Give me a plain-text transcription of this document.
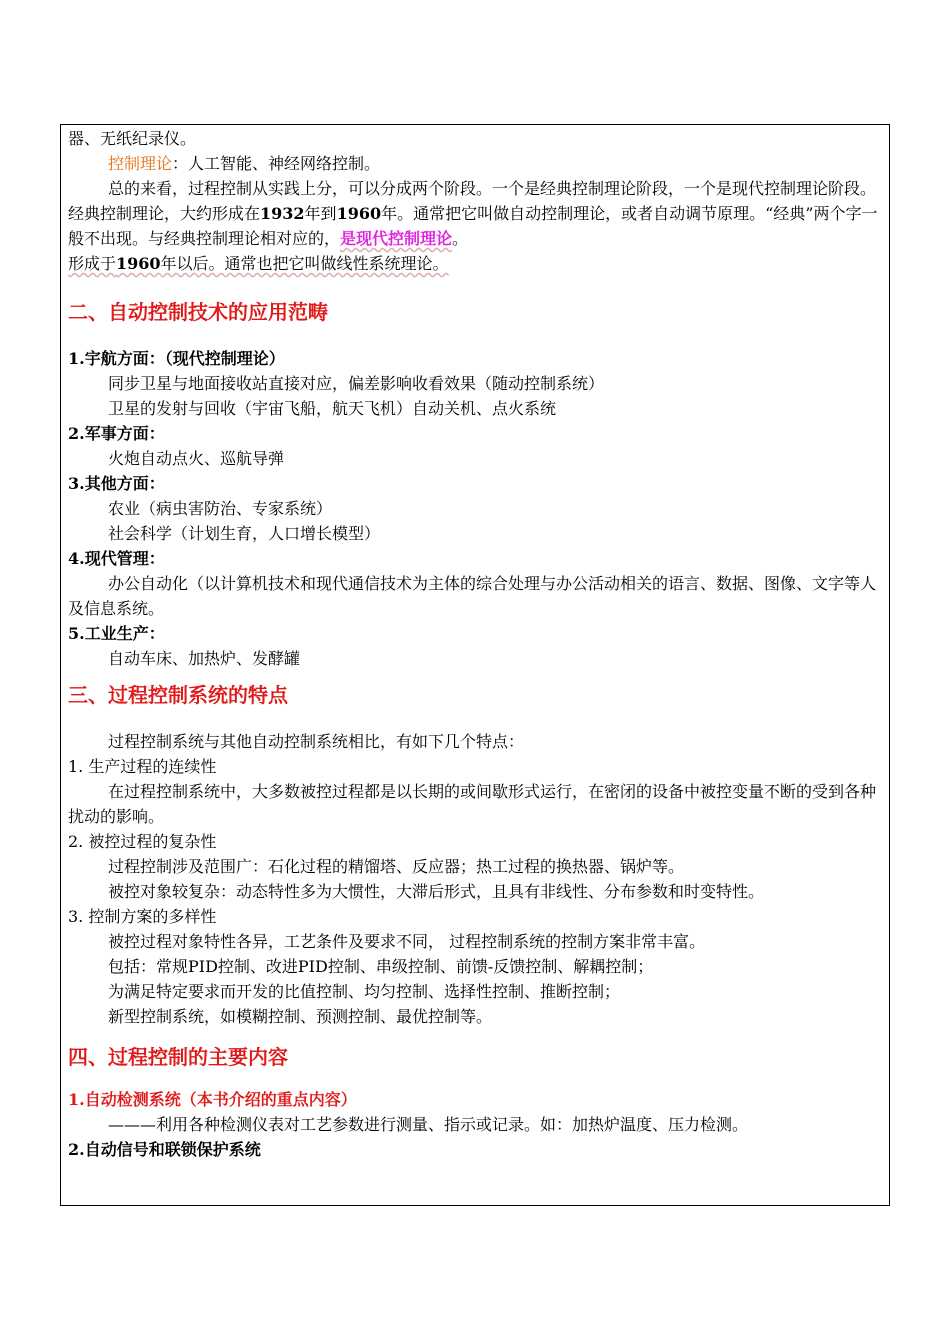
器、无纸纪录仪。

控制理论：人工智能、神经网络控制。

总的来看，过程控制从实践上分，可以分成两个阶段。一个是经典控制理论阶段，一个是现代控制理论阶段。经典控制理论，大约形成在1932年到1960年。通常把它叫做自动控制理论，或者自动调节原理。“经典”两个字一般不出现。与经典控制理论相对应的，是现代控制理论。

形成于1960年以后。通常也把它叫做线性系统理论。

二、自动控制技术的应用范畴

1.宇航方面：（现代控制理论）

同步卫星与地面接收站直接对应，偏差影响收看效果（随动控制系统）

卫星的发射与回收（宇宙飞船，航天飞机）自动关机、点火系统

2.军事方面：

火炮自动点火、巡航导弹

3.其他方面：

农业（病虫害防治、专家系统）

社会科学（计划生育，人口增长模型）

4.现代管理：

办公自动化（以计算机技术和现代通信技术为主体的综合处理与办公活动相关的语言、数据、图像、文字等人及信息系统。

5.工业生产：

自动车床、加热炉、发酵罐

三、过程控制系统的特点

过程控制系统与其他自动控制系统相比，有如下几个特点：

1. 生产过程的连续性

在过程控制系统中，大多数被控过程都是以长期的或间歇形式运行，在密闭的设备中被控变量不断的受到各种扰动的影响。

2. 被控过程的复杂性

过程控制涉及范围广：石化过程的精馏塔、反应器；热工过程的换热器、锅炉等。

被控对象较复杂：动态特性多为大惯性，大滞后形式，且具有非线性、分布参数和时变特性。

3. 控制方案的多样性

被控过程对象特性各异，工艺条件及要求不同， 过程控制系统的控制方案非常丰富。

包括：常规PID控制、改进PID控制、串级控制、前馈-反馈控制、解耦控制；

为满足特定要求而开发的比值控制、均匀控制、选择性控制、推断控制；

新型控制系统，如模糊控制、预测控制、最优控制等。

四、过程控制的主要内容

1.自动检测系统（本书介绍的重点内容）

———利用各种检测仪表对工艺参数进行测量、指示或记录。如：加热炉温度、压力检测。

2.自动信号和联锁保护系统
